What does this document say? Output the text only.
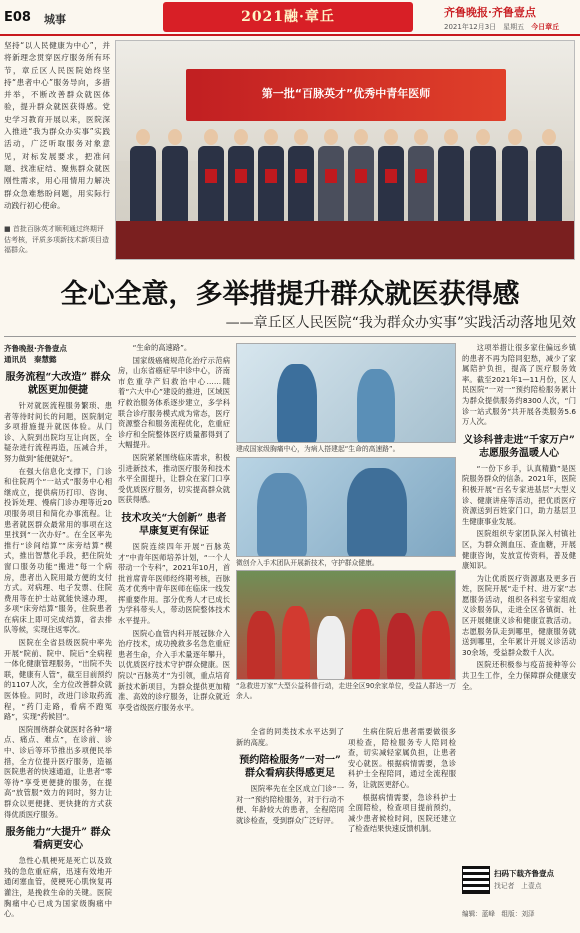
E08 城事	2021融·章丘	齐鲁晚报·齐鲁壹点
2021年12月3日　星期五　 今日章丘
坚持“以人民健康为中心”，并将新理念贯穿医疗服务所有环节，章丘区人民医院始终坚持“患者中心”服务导向，多措并举，不断改善群众就医体验，提升群众就医获得感。党史学习教育开展以来，医院深入推进“我为群众办实事”实践活动，广泛听取服务对象意见，对标发展要求，把准问题、找准症结、聚焦群众就医刚性需求，用心用情用力解决群众急难愁盼问题，用实际行动践行初心使命。
■ 首批百脉英才顺利通过终期评估考核，评质多项新技术新项目造福群众。
第一批“百脉英才”优秀中青年医师
全心全意，多举措提升群众就医获得感
——章丘区人民医院“我为群众办实事”实践活动落地见效
齐鲁晚报·齐鲁壹点
通讯员　秦慧懿
服务流程“大改造” 群众就医更加便捷
针对就医流程服务繁琐、患者等待时间长的问题，医院制定多项措施提升就医体验。从门诊、入院到出院均互让向医，全疑杂进行流程再造，压减合并，努力做到“能便就好”。
在强大信息化支撑下，门诊和住院两个“一站式”服务中心相继成立，提供病历打印、咨询、投诉处理、慢病门诊办理等近20项服务项目和简化办事流程。让患者就医群众最常用的事项在这里找到“一次办好”。在全区率先推行“诊间结算”“床旁结算”模式，推出智慧化手段，把住院处窗口服务功能“搬进”每一个病房，患者出入院用最方便的支付方式。对病理、电子发票、住院费用等在护士站就能快速办理，多项“床旁结算”服务，住院患者在病床上即可完成结算，省去排队等候，实现住返零次。
医院在全省县级医院中率先开展“院前、院中、院后”全病程一体化健康管理服务，“出院不失联，健康有人管”，截至目前预约的1107人次，全方位改善群众就医体验。同时，改进门诊取药流程，“药门走路，看病不跑冤路”，实现“药候回”。
医院围绕群众就医时各种“堵点、痛点、难点”，在诊前、诊中、诊后等环节推出多项便民举措，全方位提升医疗服务，造福医院患者的快速通道，让患者“零等待”享受更便捷的服务，在提高“放管服”效力的同时，努力让群众以更便捷、更快捷的方式获得优质医疗服务。
服务能力“大提升” 群众看病更安心
急性心肌梗死是死亡以及致残的急危重症病，迅速有效地开通闭塞血管，使梗死心肌恢复再灌注，是挽救生命的关键。医院胸痛中心已成为国家级胸痛中心。
“生命的高速路”。
国家级癌痛规范化治疗示范病房，山东省癌症早中诊中心，济南市危重孕产妇救治中心……随着“六大中心”建设的推进，区域医疗救治服务体系逐步建立，多学科联合诊疗服务模式成为常态，医疗资源整合和服务流程优化，危重症诊疗和全院整体医疗质量都得到了大幅提升。
医院紧紧围绕临床需求，积极引进新技术，推动医疗服务和技术水平全面提升，让群众在家门口享受优质医疗服务，切实提高群众就医获得感。
技术攻关“大创新” 患者早康复更有保证
医院连续四年开展“百脉英才”中青年医师培养计划，“一个人带动一个专科”，2021年10月，首批首席青年医师经终期考核，百脉英才优秀中青年医师在临床一线发挥重要作用。部分优秀人才已成长为学科带头人，带动医院整体技术水平提升。
医院心血管内科开展冠脉介入治疗技术，成功挽救多名急危重症患者生命，介入手术量逐年攀升，以优质医疗技术守护群众健康。医院以“百脉英才”为引领，重点培育新技术新项目，为群众提供更加精准、高效的诊疗服务，让群众就近享受省级医疗服务水平。
建成国家级胸痛中心，为病人搭建起“生命的高速路”。
微创介入手术团队开展新技术，守护群众健康。
“急救进万家”大型公益科普行动，走进全区90余家单位，受益人群达一万余人。
全省的同类技术水平达到了新的高度。
预约陪检服务“一对一” 群众看病获得感更足
医院率先在全区成立门诊“一对一”预约陪检服务，对于行动不便、年龄较大的患者，全程陪同就诊检查，受到群众广泛好评。
生病住院后患者需要做很多项检查，陪检服务专人陪同检查，切实减轻家属负担，让患者安心就医。根据病情需要，急诊科护士全程陪同，通过全流程服务，让就医更舒心。
根据病情需要，急诊科护士全面陪检，检查项目提前预约，减少患者候检时间，医院还建立了检查结果快速反馈机制。
这项举措让很多家住偏远乡镇的患者不再为陪同犯愁，减少了家属陪护负担，提高了医疗服务效率。截至2021年1—11月份，区人民医院“一对一”预约陪检服务累计为群众提供服务约8300人次，“门诊一站式服务”共开展各类服务5.6万人次。
义诊科普走进“千家万户” 志愿服务温暖人心
“一份下乡手，认真精勤”是医院服务群众的信条。2021年，医院积极开展“百名专家进基层”大型义诊、健康讲座等活动，把优质医疗资源送到百姓家门口，助力基层卫生健康事业发展。
医院组织专家团队深入村镇社区，为群众测血压、查血糖，开展健康咨询，发放宣传资料，普及健康知识。
为让优质医疗资源惠及更多百姓，医院开展“走千村、进万家”志愿服务活动，组织各科室专家组成义诊服务队，走进全区各镇街、社区开展健康义诊和健康宣教活动。志愿服务队走到哪里，健康服务就送到哪里，全年累计开展义诊活动30余场，受益群众数千人次。
医院还积极参与疫苗接种等公共卫生工作，全力保障群众健康安全。
扫码下载齐鲁壹点
找记者　上壹点
编辑：蓝峰　组版：刘泽
